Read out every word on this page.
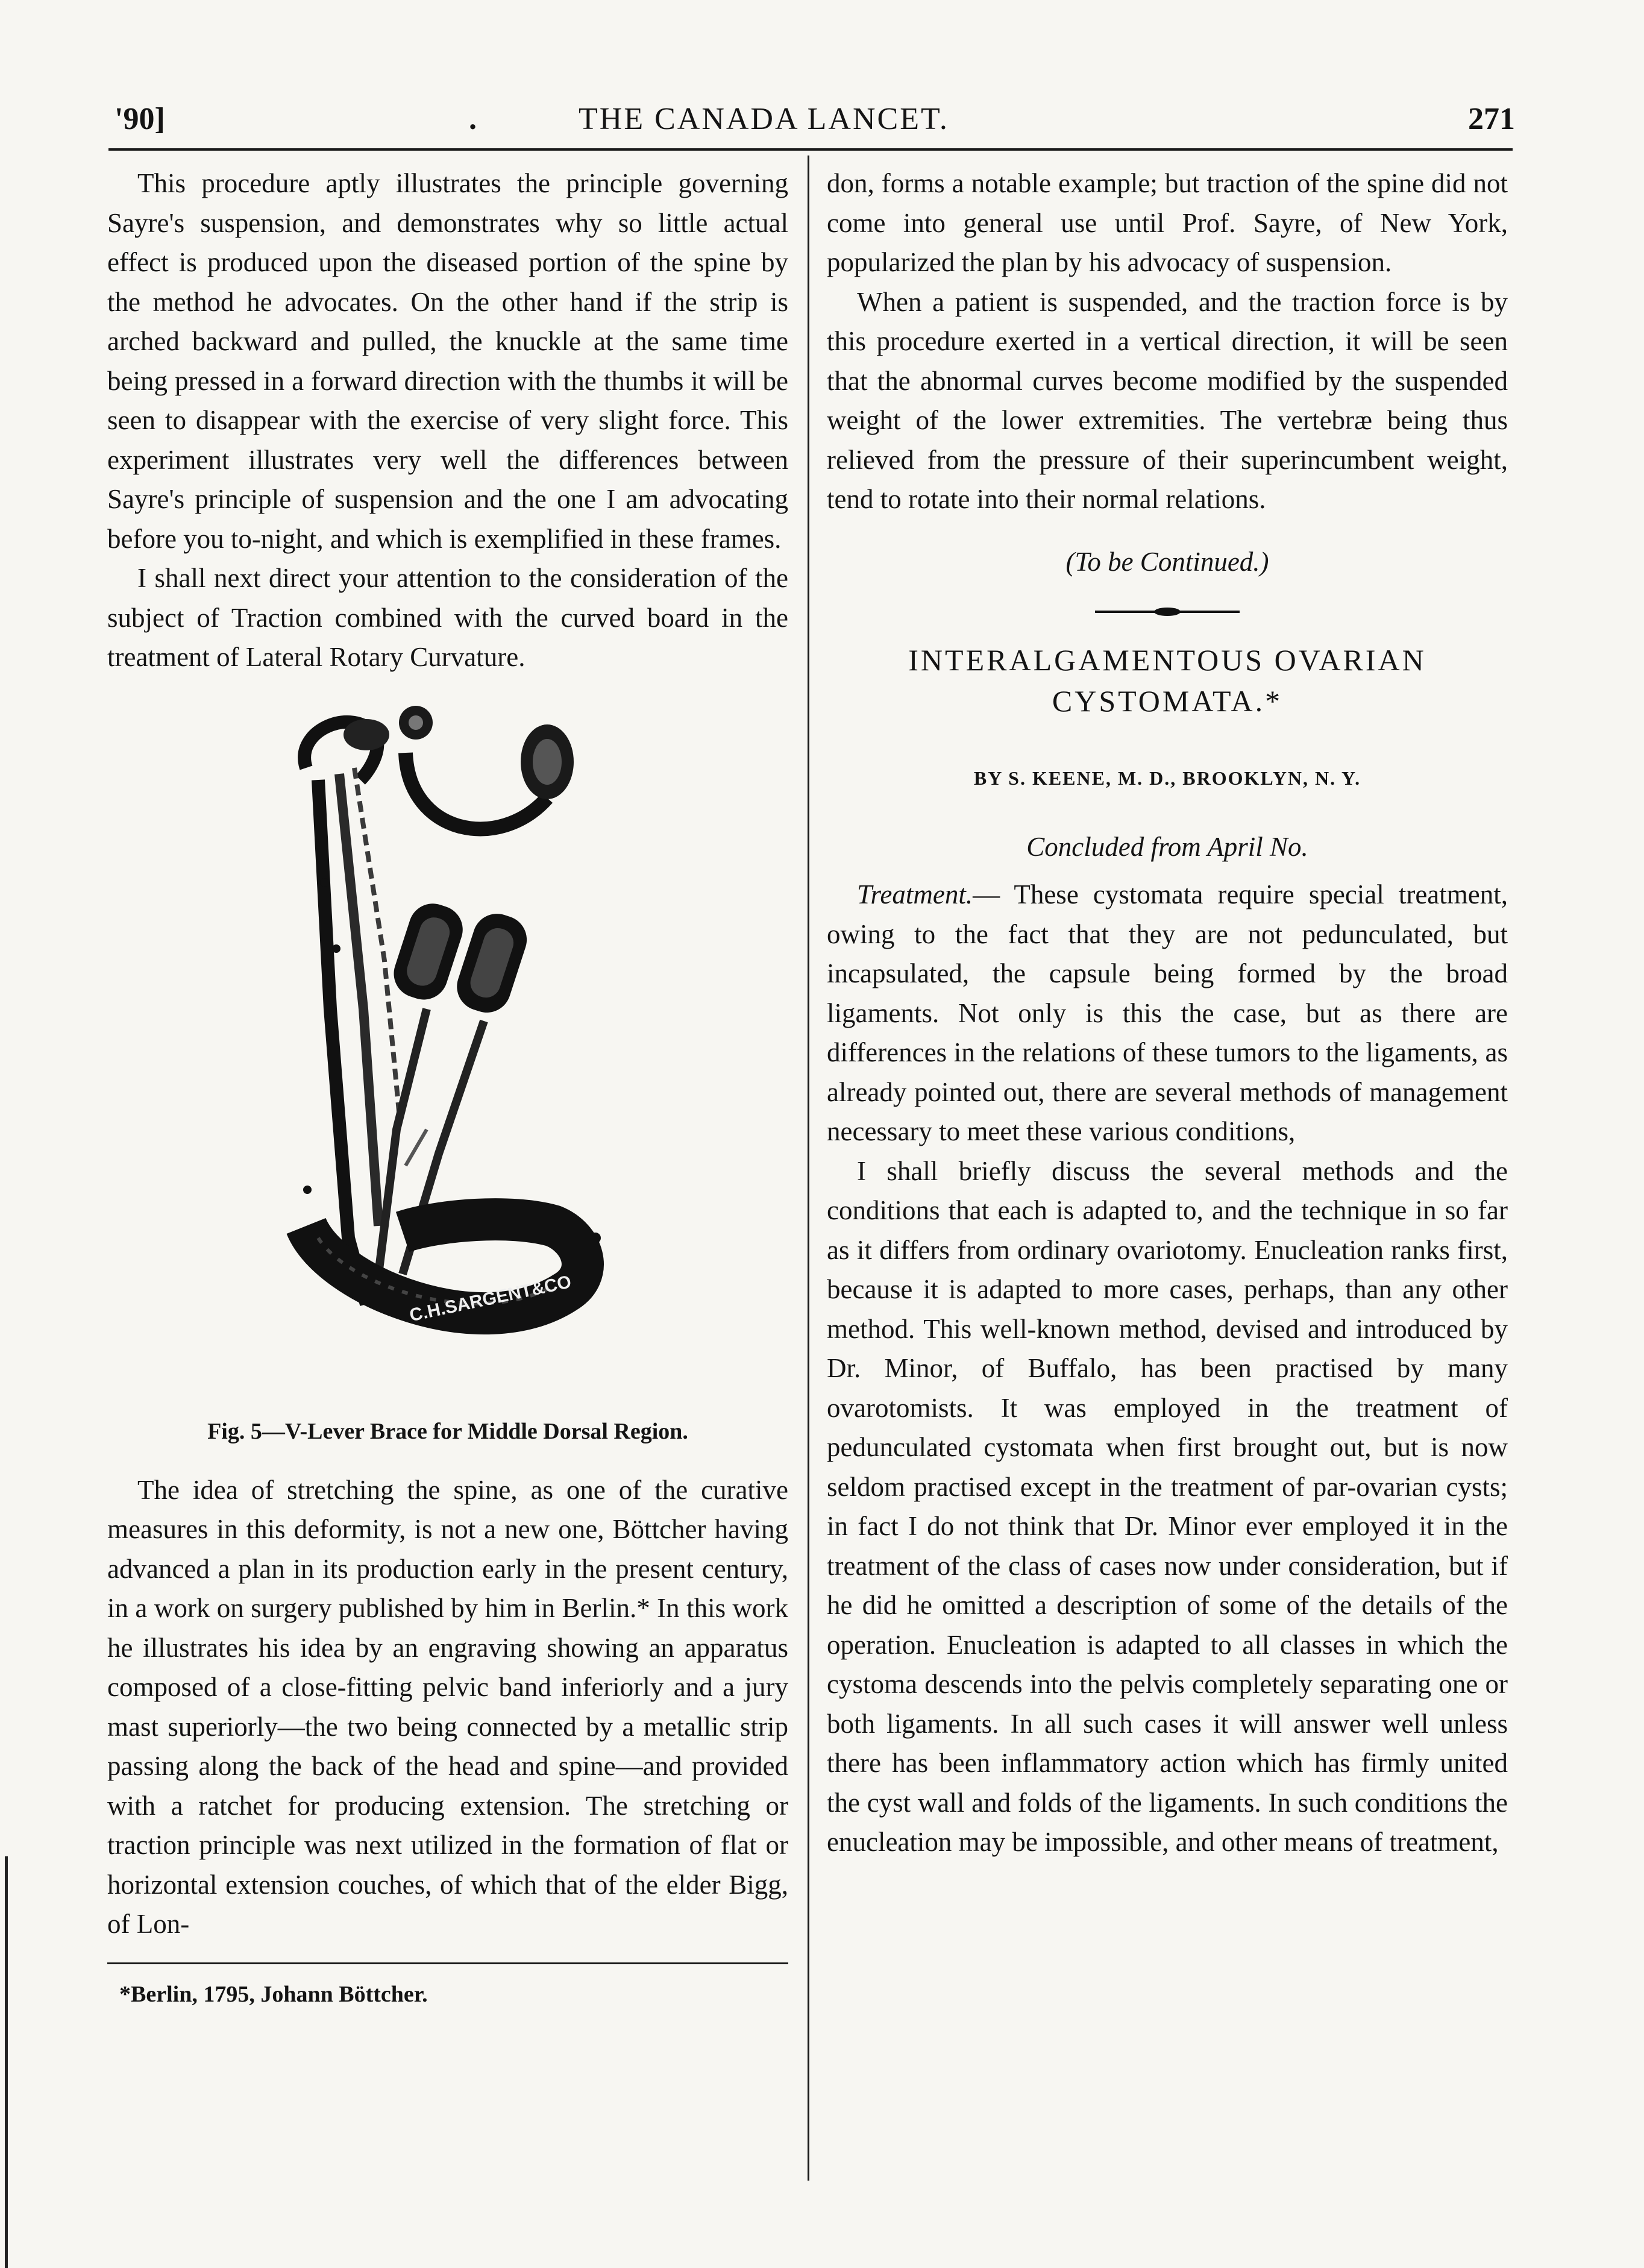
'90]	.	THE CANADA LANCET.	271

This procedure aptly illustrates the principle governing Sayre's suspension, and demonstrates why so little actual effect is produced upon the diseased portion of the spine by the method he advocates. On the other hand if the strip is arched backward and pulled, the knuckle at the same time being pressed in a forward direction with the thumbs it will be seen to disappear with the exercise of very slight force. This experiment illustrates very well the differences between Sayre's principle of suspension and the one I am advocating before you to-night, and which is exemplified in these frames.

I shall next direct your attention to the consideration of the subject of Traction combined with the curved board in the treatment of Lateral Rotary Curvature.

C.H.SARGENT&CO
Fig. 5—V-Lever Brace for Middle Dorsal Region.

The idea of stretching the spine, as one of the curative measures in this deformity, is not a new one, Böttcher having advanced a plan in its production early in the present century, in a work on surgery published by him in Berlin.* In this work he illustrates his idea by an engraving showing an apparatus composed of a close-fitting pelvic band inferiorly and a jury mast superiorly—the two being connected by a metallic strip passing along the back of the head and spine—and provided with a ratchet for producing extension. The stretching or traction principle was next utilized in the formation of flat or horizontal extension couches, of which that of the elder Bigg, of Lon-

*Berlin, 1795, Johann Böttcher.

don, forms a notable example; but traction of the spine did not come into general use until Prof. Sayre, of New York, popularized the plan by his advocacy of suspension.

When a patient is suspended, and the traction force is by this procedure exerted in a vertical direction, it will be seen that the abnormal curves become modified by the suspended weight of the lower extremities. The vertebræ being thus relieved from the pressure of their superincumbent weight, tend to rotate into their normal relations.

(To be Continued.)
INTERALGAMENTOUS OVARIAN
CYSTOMATA.*
BY S. KEENE, M. D., BROOKLYN, N. Y.
Concluded from April No.

Treatment.— These cystomata require special treatment, owing to the fact that they are not pedunculated, but incapsulated, the capsule being formed by the broad ligaments. Not only is this the case, but as there are differences in the relations of these tumors to the ligaments, as already pointed out, there are several methods of management necessary to meet these various conditions,

I shall briefly discuss the several methods and the conditions that each is adapted to, and the technique in so far as it differs from ordinary ovariotomy. Enucleation ranks first, because it is adapted to more cases, perhaps, than any other method. This well-known method, devised and introduced by Dr. Minor, of Buffalo, has been practised by many ovarotomists. It was employed in the treatment of pedunculated cystomata when first brought out, but is now seldom practised except in the treatment of par-ovarian cysts; in fact I do not think that Dr. Minor ever employed it in the treatment of the class of cases now under consideration, but if he did he omitted a description of some of the details of the operation. Enucleation is adapted to all classes in which the cystoma descends into the pelvis completely separating one or both ligaments. In all such cases it will answer well unless there has been inflammatory action which has firmly united the cyst wall and folds of the ligaments. In such conditions the enucleation may be impossible, and other means of treatment,
